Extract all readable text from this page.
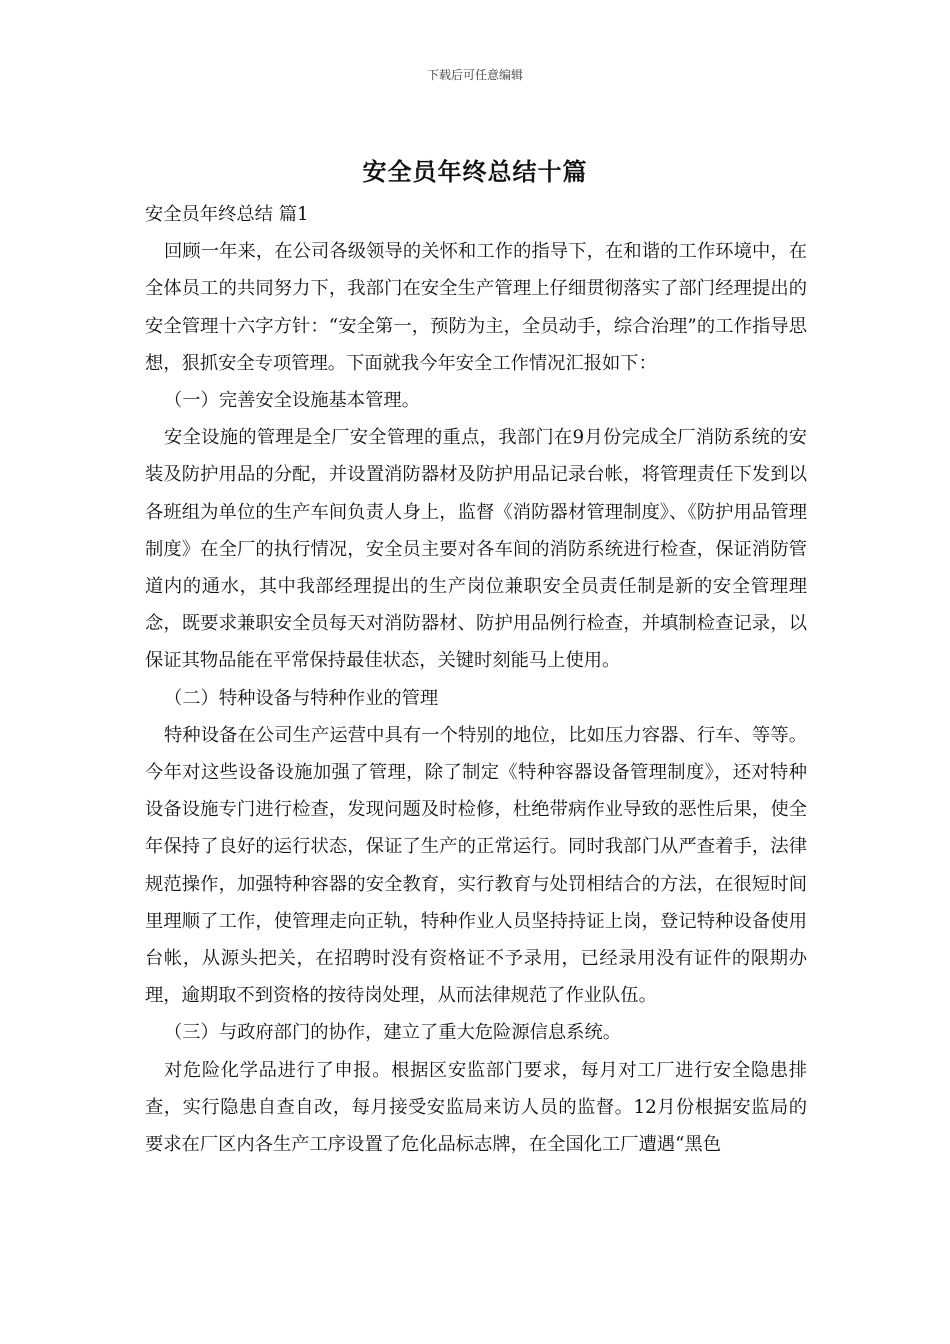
下载后可任意编辑
安全员年终总结十篇

安全员年终总结 篇1

回顾一年来，在公司各级领导的关怀和工作的指导下，在和谐的工作环境中，在全体员工的共同努力下，我部门在安全生产管理上仔细贯彻落实了部门经理提出的安全管理十六字方针：“安全第一，预防为主，全员动手，综合治理”的工作指导思想，狠抓安全专项管理。下面就我今年安全工作情况汇报如下：

（一）完善安全设施基本管理。

安全设施的管理是全厂安全管理的重点，我部门在9月份完成全厂消防系统的安装及防护用品的分配，并设置消防器材及防护用品记录台帐，将管理责任下发到以各班组为单位的生产车间负责人身上，监督《消防器材管理制度》、《防护用品管理制度》在全厂的执行情况，安全员主要对各车间的消防系统进行检查，保证消防管道内的通水，其中我部经理提出的生产岗位兼职安全员责任制是新的安全管理理念，既要求兼职安全员每天对消防器材、防护用品例行检查，并填制检查记录，以保证其物品能在平常保持最佳状态，关键时刻能马上使用。

（二）特种设备与特种作业的管理

特种设备在公司生产运营中具有一个特别的地位，比如压力容器、行车、等等。今年对这些设备设施加强了管理，除了制定《特种容器设备管理制度》，还对特种设备设施专门进行检查，发现问题及时检修，杜绝带病作业导致的恶性后果，使全年保持了良好的运行状态，保证了生产的正常运行。同时我部门从严查着手，法律规范操作，加强特种容器的安全教育，实行教育与处罚相结合的方法，在很短时间里理顺了工作，使管理走向正轨，特种作业人员坚持持证上岗，登记特种设备使用台帐，从源头把关，在招聘时没有资格证不予录用，已经录用没有证件的限期办理，逾期取不到资格的按待岗处理，从而法律规范了作业队伍。

（三）与政府部门的协作，建立了重大危险源信息系统。

对危险化学品进行了申报。根据区安监部门要求，每月对工厂进行安全隐患排查，实行隐患自查自改，每月接受安监局来访人员的监督。12月份根据安监局的要求在厂区内各生产工序设置了危化品标志牌，在全国化工厂遭遇“黑色
